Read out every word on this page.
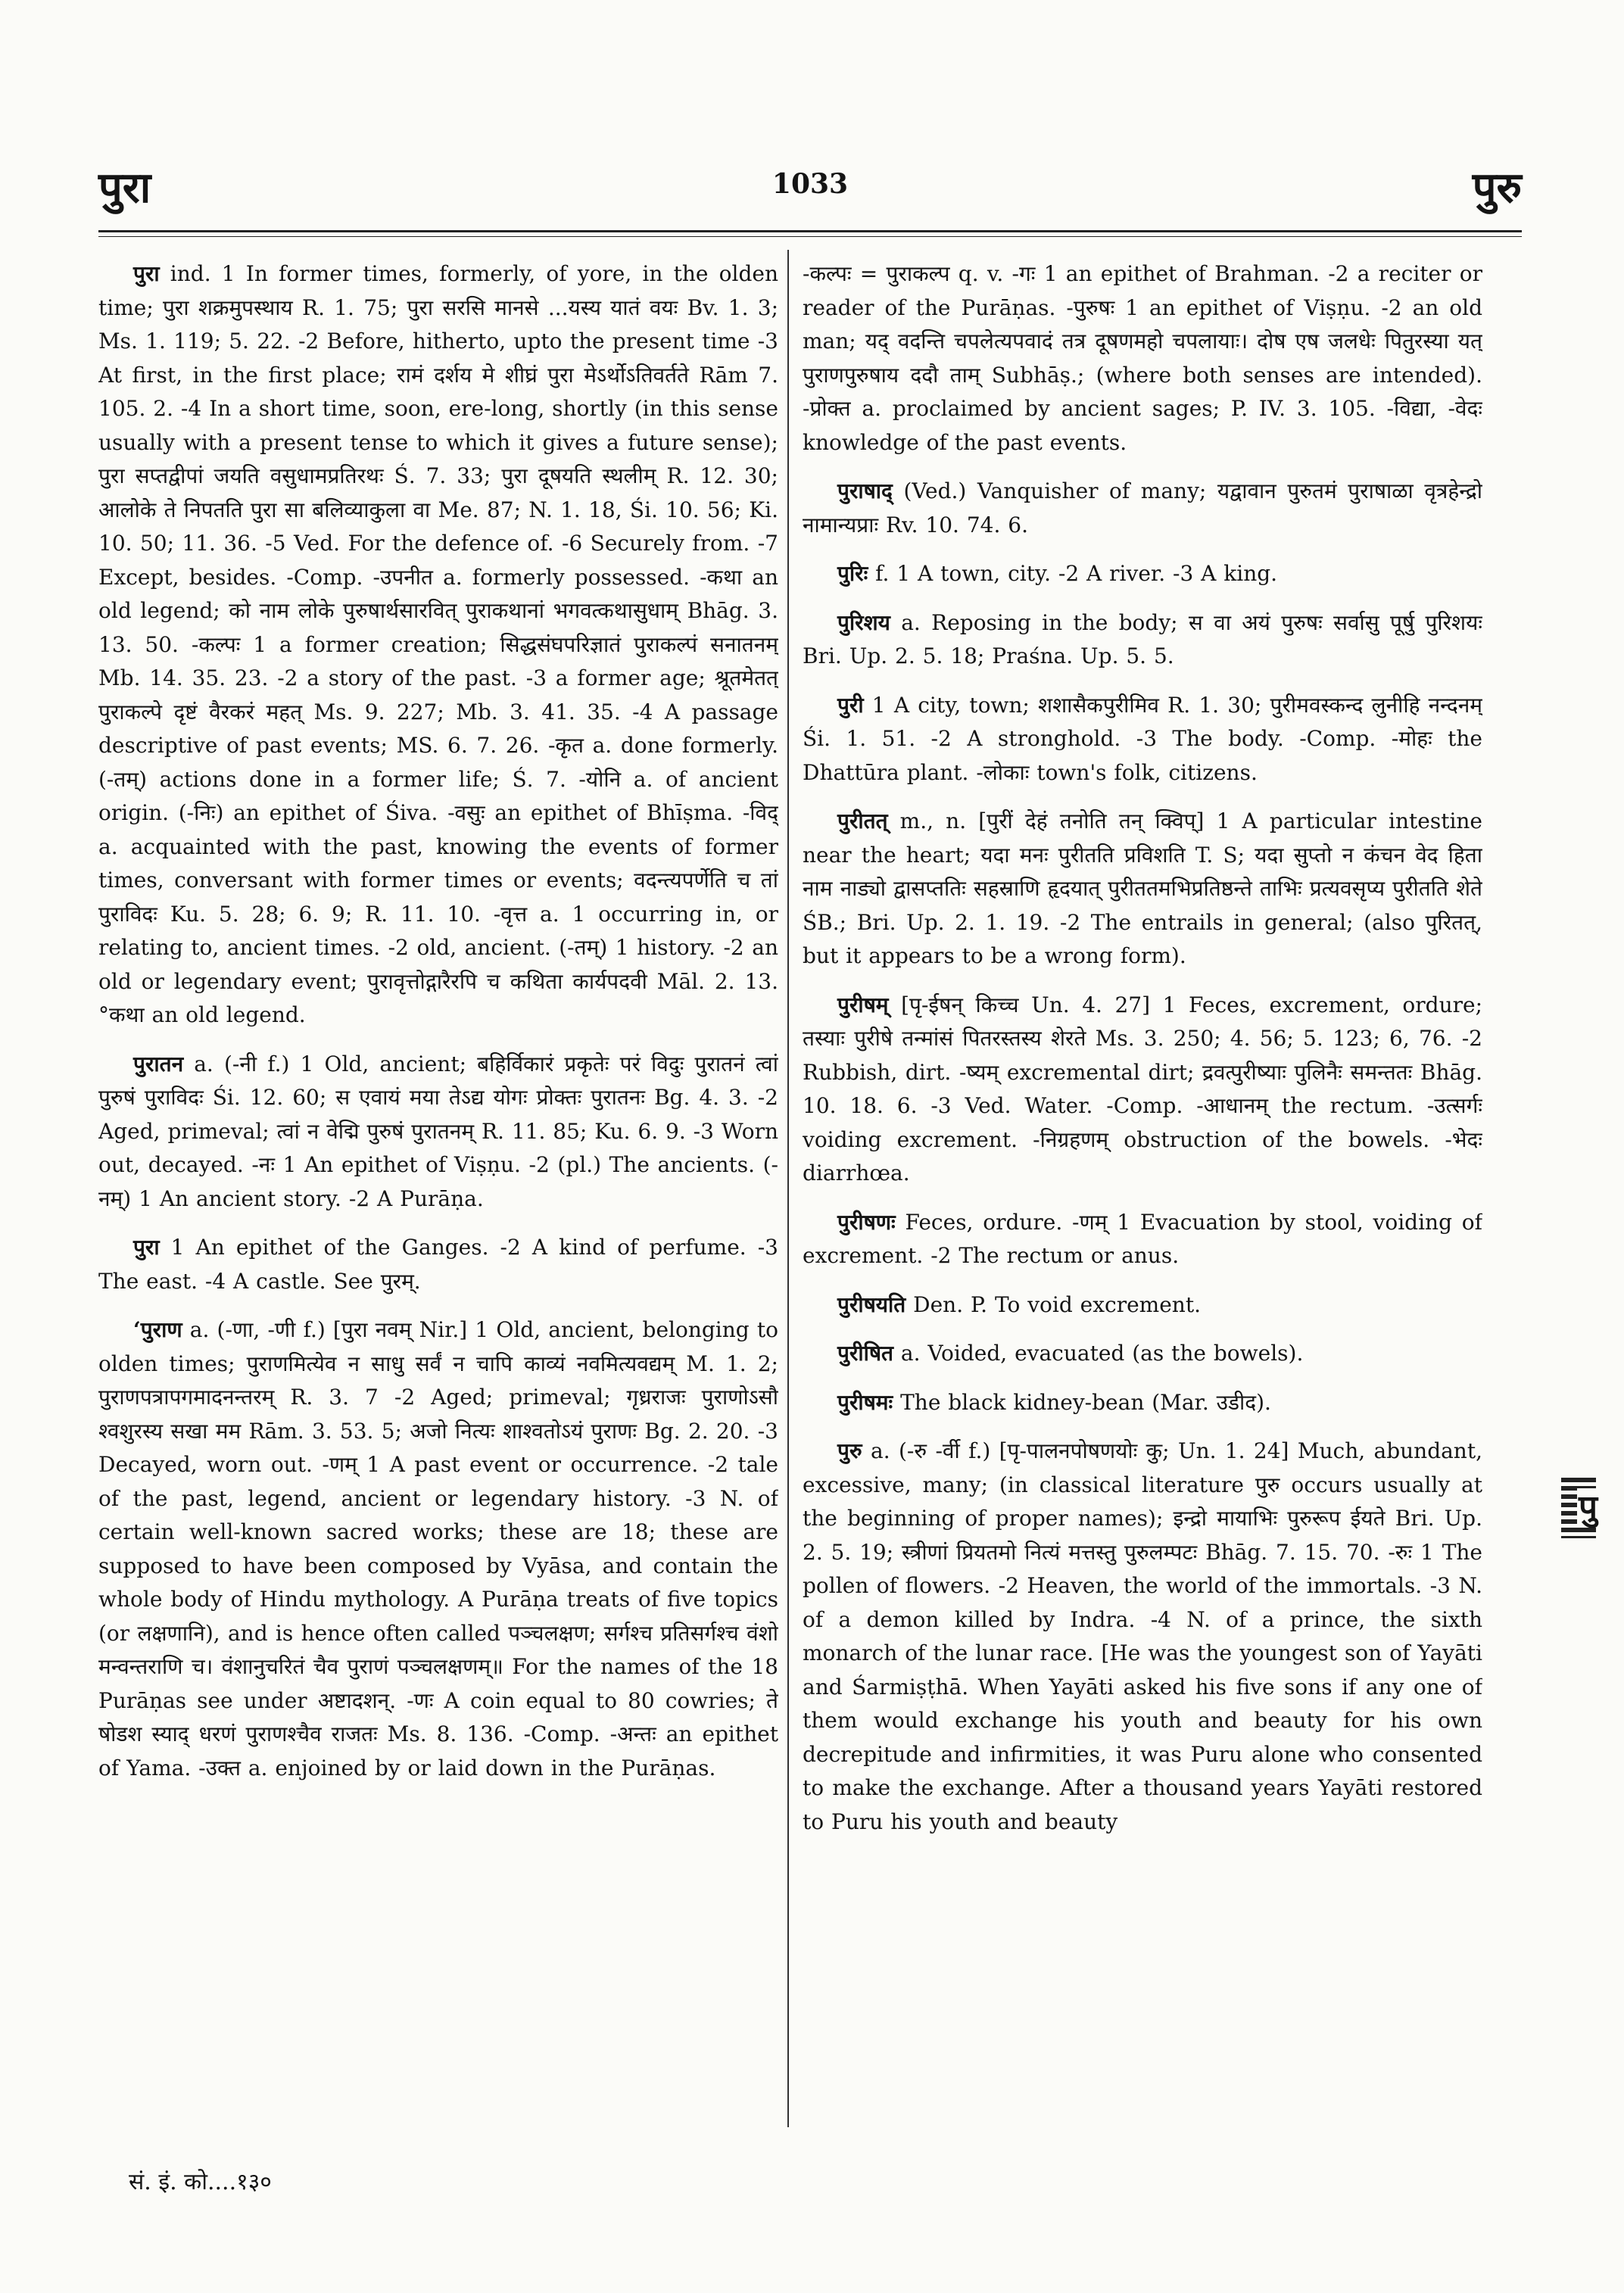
पुरा	1033	पुरु

पुरा ind. 1 In former times, formerly, of yore, in the olden time; पुरा शक्रमुपस्थाय R. 1. 75; पुरा सरसि मानसे ...यस्य यातं वयः Bv. 1. 3; Ms. 1. 119; 5. 22. -2 Before, hitherto, upto the present time -3 At first, in the first place; रामं दर्शय मे शीघ्रं पुरा मेऽर्थोऽतिवर्तते Rām 7. 105. 2. -4 In a short time, soon, ere-long, shortly (in this sense usually with a present tense to which it gives a future sense); पुरा सप्तद्वीपां जयति वसुधामप्रतिरथः Ś. 7. 33; पुरा दूषयति स्थलीम् R. 12. 30; आलोके ते निपतति पुरा सा बलिव्याकुला वा Me. 87; N. 1. 18, Śi. 10. 56; Ki. 10. 50; 11. 36. -5 Ved. For the defence of. -6 Securely from. -7 Except, besides. -Comp. -उपनीत a. formerly possessed. -कथा an old legend; को नाम लोके पुरुषार्थसारवित् पुराकथानां भगवत्कथासुधाम् Bhāg. 3. 13. 50. -कल्पः 1 a former creation; सिद्धसंघपरिज्ञातं पुराकल्पं सनातनम् Mb. 14. 35. 23. -2 a story of the past. -3 a former age; श्रूतमेतत् पुराकल्पे दृष्टं वैरकरं महत् Ms. 9. 227; Mb. 3. 41. 35. -4 A passage descriptive of past events; MS. 6. 7. 26. -कृत a. done formerly. (-तम्) actions done in a former life; Ś. 7. -योनि a. of ancient origin. (-निः) an epithet of Śiva. -वसुः an epithet of Bhīṣma. -विद् a. acquainted with the past, knowing the events of former times, conversant with former times or events; वदन्त्यपर्णेति च तां पुराविदः Ku. 5. 28; 6. 9; R. 11. 10. -वृत्त a. 1 occurring in, or relating to, ancient times. -2 old, ancient. (-तम्) 1 history. -2 an old or legendary event; पुरावृत्तोद्गारैरपि च कथिता कार्यपदवी Māl. 2. 13. °कथा an old legend.

पुरातन a. (-नी f.) 1 Old, ancient; बहिर्विकारं प्रकृतेः परं विदुः पुरातनं त्वां पुरुषं पुराविदः Śi. 12. 60; स एवायं मया तेऽद्य योगः प्रोक्तः पुरातनः Bg. 4. 3. -2 Aged, primeval; त्वां न वेद्मि पुरुषं पुरातनम् R. 11. 85; Ku. 6. 9. -3 Worn out, decayed. -नः 1 An epithet of Viṣṇu. -2 (pl.) The ancients. (-नम्) 1 An ancient story. -2 A Purāṇa.

पुरा 1 An epithet of the Ganges. -2 A kind of perfume. -3 The east. -4 A castle. See पुरम्.

‘पुराण a. (-णा, -णी f.) [पुरा नवम् Nir.] 1 Old, ancient, belonging to olden times; पुराणमित्येव न साधु सर्वं न चापि काव्यं नवमित्यवद्यम् M. 1. 2; पुराणपत्रापगमादनन्तरम् R. 3. 7 -2 Aged; primeval; गृध्रराजः पुराणोऽसौ श्वशुरस्य सखा मम Rām. 3. 53. 5; अजो नित्यः शाश्वतोऽयं पुराणः Bg. 2. 20. -3 Decayed, worn out. -णम् 1 A past event or occurrence. -2 tale of the past, legend, ancient or legendary history. -3 N. of certain well-known sacred works; these are 18; these are supposed to have been composed by Vyāsa, and contain the whole body of Hindu mythology. A Purāṇa treats of five topics (or लक्षणानि), and is hence often called पञ्चलक्षण; सर्गश्च प्रतिसर्गश्च वंशो मन्वन्तराणि च। वंशानुचरितं चैव पुराणं पञ्चलक्षणम्॥ For the names of the 18 Purāṇas see under अष्टादशन्. -णः A coin equal to 80 cowries; ते षोडश स्याद् धरणं पुराणश्चैव राजतः Ms. 8. 136. -Comp. -अन्तः an epithet of Yama. -उक्त a. enjoined by or laid down in the Purāṇas.

-कल्पः = पुराकल्प q. v. -गः 1 an epithet of Brahman. -2 a reciter or reader of the Purāṇas. -पुरुषः 1 an epithet of Viṣṇu. -2 an old man; यद् वदन्ति चपलेत्यपवादं तत्र दूषणमहो चपलायाः। दोष एष जलधेः पितुरस्या यत् पुराणपुरुषाय ददौ ताम् Subhāṣ.; (where both senses are intended). -प्रोक्त a. proclaimed by ancient sages; P. IV. 3. 105. -विद्या, -वेदः knowledge of the past events.

पुराषाद् (Ved.) Vanquisher of many; यद्वावान पुरुतमं पुराषाळा वृत्रहेन्द्रो नामान्यप्राः Rv. 10. 74. 6.

पुरिः f. 1 A town, city. -2 A river. -3 A king.

पुरिशय a. Reposing in the body; स वा अयं पुरुषः सर्वासु पूर्षु पुरिशयः Bri. Up. 2. 5. 18; Praśna. Up. 5. 5.

पुरी 1 A city, town; शशासैकपुरीमिव R. 1. 30; पुरीमवस्कन्द लुनीहि नन्दनम् Śi. 1. 51. -2 A stronghold. -3 The body. -Comp. -मोहः the Dhattūra plant. -लोकाः town's folk, citizens.

पुरीतत् m., n. [पुरीं देहं तनोति तन् क्विप्] 1 A particular intestine near the heart; यदा मनः पुरीतति प्रविशति T. S; यदा सुप्तो न कंचन वेद हिता नाम नाड्यो द्वासप्ततिः सहस्राणि हृदयात् पुरीततमभिप्रतिष्ठन्ते ताभिः प्रत्यवसृप्य पुरीतति शेते ŚB.; Bri. Up. 2. 1. 19. -2 The entrails in general; (also पुरितत्, but it appears to be a wrong form).

पुरीषम् [पृ-ईषन् किच्च Un. 4. 27] 1 Feces, excrement, ordure; तस्याः पुरीषे तन्मांसं पितरस्तस्य शेरते Ms. 3. 250; 4. 56; 5. 123; 6, 76. -2 Rubbish, dirt. -ष्यम् excremental dirt; द्रवत्पुरीष्याः पुलिनैः समन्ततः Bhāg. 10. 18. 6. -3 Ved. Water. -Comp. -आधानम् the rectum. -उत्सर्गः voiding excrement. -निग्रहणम् obstruction of the bowels. -भेदः diarrhœa.

पुरीषणः Feces, ordure. -णम् 1 Evacuation by stool, voiding of excrement. -2 The rectum or anus.

पुरीषयति Den. P. To void excrement.

पुरीषित a. Voided, evacuated (as the bowels).

पुरीषमः The black kidney-bean (Mar. उडीद).

पुरु a. (-रु -र्वी f.) [पृ-पालनपोषणयोः कु; Un. 1. 24] Much, abundant, excessive, many; (in classical literature पुरु occurs usually at the beginning of proper names); इन्द्रो मायाभिः पुरुरूप ईयते Bri. Up. 2. 5. 19; स्त्रीणां प्रियतमो नित्यं मत्तस्तु पुरुलम्पटः Bhāg. 7. 15. 70. -रुः 1 The pollen of flowers. -2 Heaven, the world of the immortals. -3 N. of a demon killed by Indra. -4 N. of a prince, the sixth monarch of the lunar race. [He was the youngest son of Yayāti and Śarmiṣṭhā. When Yayāti asked his five sons if any one of them would exchange his youth and beauty for his own decrepitude and infirmities, it was Puru alone who consented to make the exchange. After a thousand years Yayāti restored to Puru his youth and beauty

पु
सं. इं. को....१३०
